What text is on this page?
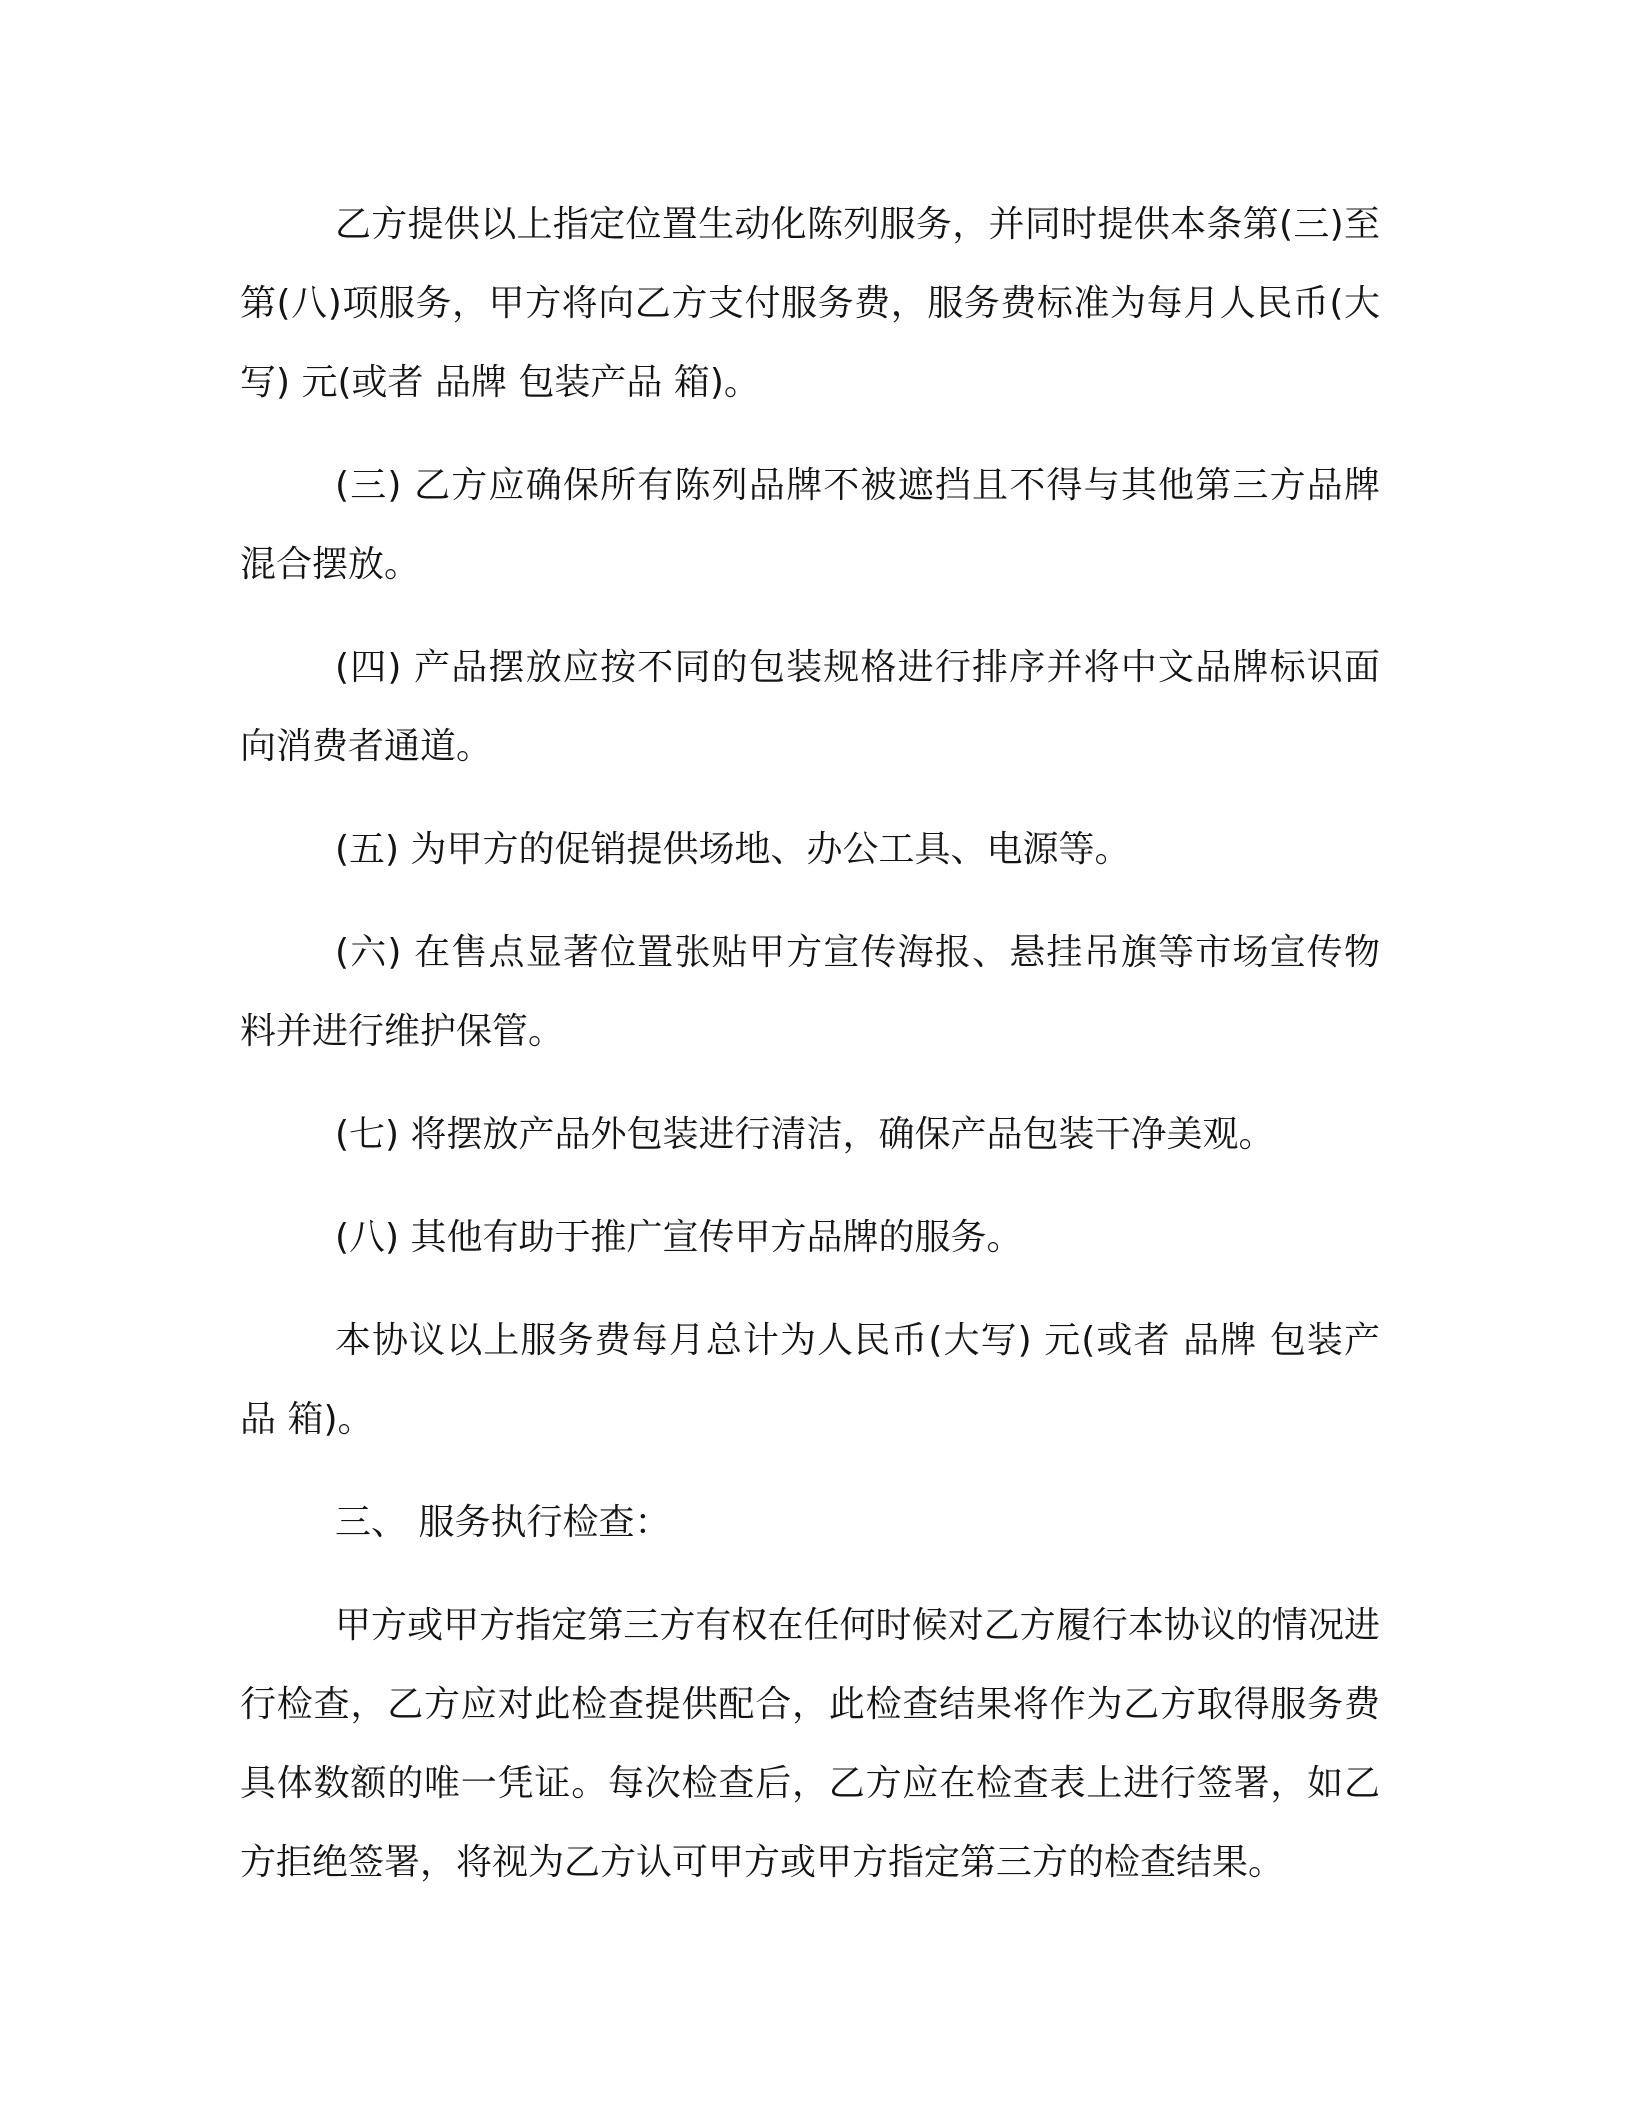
乙方提供以上指定位置生动化陈列服务，并同时提供本条第(三)至第(八)项服务，甲方将向乙方支付服务费，服务费标准为每月人民币(大写) 元(或者 品牌 包装产品 箱)。

(三) 乙方应确保所有陈列品牌不被遮挡且不得与其他第三方品牌混合摆放。

(四) 产品摆放应按不同的包装规格进行排序并将中文品牌标识面向消费者通道。

(五) 为甲方的促销提供场地、办公工具、电源等。

(六) 在售点显著位置张贴甲方宣传海报、悬挂吊旗等市场宣传物料并进行维护保管。

(七) 将摆放产品外包装进行清洁，确保产品包装干净美观。

(八) 其他有助于推广宣传甲方品牌的服务。

本协议以上服务费每月总计为人民币(大写) 元(或者 品牌 包装产品 箱)。

三、 服务执行检查：

甲方或甲方指定第三方有权在任何时候对乙方履行本协议的情况进行检查，乙方应对此检查提供配合，此检查结果将作为乙方取得服务费具体数额的唯一凭证。每次检查后，乙方应在检查表上进行签署，如乙方拒绝签署，将视为乙方认可甲方或甲方指定第三方的检查结果。
